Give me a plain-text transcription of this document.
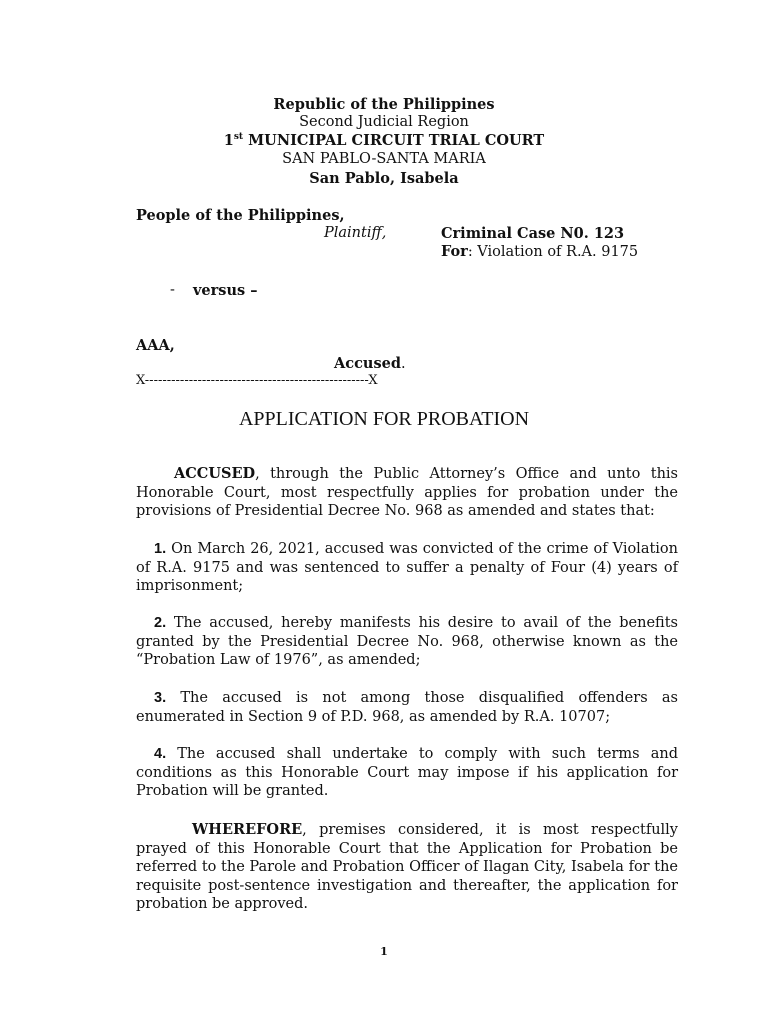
Republic of the Philippines
Second Judicial Region
1st MUNICIPAL CIRCUIT TRIAL COURT
SAN PABLO-SANTA MARIA
San Pablo, Isabela
People of the Philippines,
Plaintiff,	Criminal Case N0. 123
For: Violation of R.A. 9175
- versus –
AAA,
Accused.
X---------------------------------------------------X
APPLICATION FOR PROBATION
ACCUSED, through the Public Attorney’s Office and unto this Honorable Court, most respectfully applies for probation under the provisions of Presidential Decree No. 968 as amended and states that:
1. On March 26, 2021, accused was convicted of the crime of Violation of R.A. 9175 and was sentenced to suffer a penalty of Four (4) years of imprisonment;
2. The accused, hereby manifests his desire to avail of the benefits granted by the Presidential Decree No. 968, otherwise known as the “Probation Law of 1976”, as amended;
3. The accused is not among those disqualified offenders as enumerated in Section 9 of P.D. 968, as amended by R.A. 10707;
4. The accused shall undertake to comply with such terms and conditions as this Honorable Court may impose if his application for Probation will be granted.
WHEREFORE, premises considered, it is most respectfully prayed of this Honorable Court that the Application for Probation be referred to the Parole and Probation Officer of Ilagan City, Isabela for the requisite post-sentence investigation and thereafter, the application for probation be approved.
1
